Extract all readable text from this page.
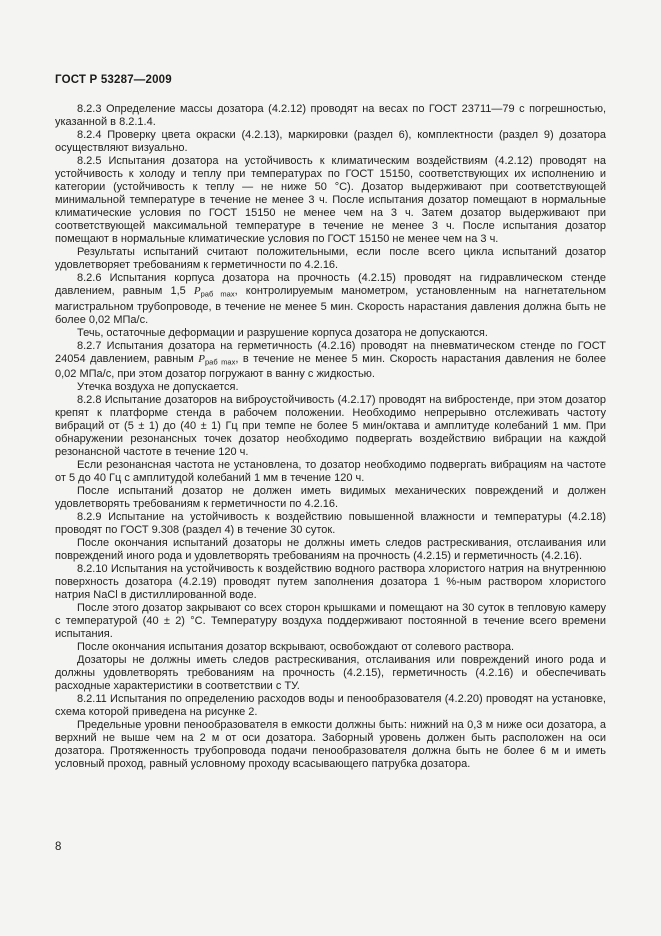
ГОСТ Р 53287—2009

8.2.3 Определение массы дозатора (4.2.12) проводят на весах по ГОСТ 23711—79 с погрешностью, указанной в 8.2.1.4.

8.2.4 Проверку цвета окраски (4.2.13), маркировки (раздел 6), комплектности (раздел 9) дозатора осуществляют визуально.

8.2.5 Испытания дозатора на устойчивость к климатическим воздействиям (4.2.12) проводят на устойчивость к холоду и теплу при температурах по ГОСТ 15150, соответствующих их исполнению и категории (устойчивость к теплу — не ниже 50 °С). Дозатор выдерживают при соответствующей минимальной температуре в течение не менее 3 ч. После испытания дозатор помещают в нормальные климатические условия по ГОСТ 15150 не менее чем на 3 ч. Затем дозатор выдерживают при соответствующей максимальной температуре в течение не менее 3 ч. После испытания дозатор помещают в нормальные климатические условия по ГОСТ 15150 не менее чем на 3 ч.

Результаты испытаний считают положительными, если после всего цикла испытаний дозатор удовлетворяет требованиям к герметичности по 4.2.16.

8.2.6 Испытания корпуса дозатора на прочность (4.2.15) проводят на гидравлическом стенде давлением, равным 1,5 $P_{раб max}$, контролируемым манометром, установленным на нагнетательном магистральном трубопроводе, в течение не менее 5 мин. Скорость нарастания давления должна быть не более 0,02 МПа/с.

Течь, остаточные деформации и разрушение корпуса дозатора не допускаются.

8.2.7 Испытания дозатора на герметичность (4.2.16) проводят на пневматическом стенде по ГОСТ 24054 давлением, равным $P_{раб max}$, в течение не менее 5 мин. Скорость нарастания давления не более 0,02 МПа/с, при этом дозатор погружают в ванну с жидкостью.

Утечка воздуха не допускается.

8.2.8 Испытание дозаторов на виброустойчивость (4.2.17) проводят на вибростенде, при этом дозатор крепят к платформе стенда в рабочем положении. Необходимо непрерывно отслеживать частоту вибраций от (5 ± 1) до (40 ± 1) Гц при темпе не более 5 мин/октава и амплитуде колебаний 1 мм. При обнаружении резонансных точек дозатор необходимо подвергать воздействию вибрации на каждой резонансной частоте в течение 120 ч.

Если резонансная частота не установлена, то дозатор необходимо подвергать вибрациям на частоте от 5 до 40 Гц с амплитудой колебаний 1 мм в течение 120 ч.

После испытаний дозатор не должен иметь видимых механических повреждений и должен удовлетворять требованиям к герметичности по 4.2.16.

8.2.9 Испытание на устойчивость к воздействию повышенной влажности и температуры (4.2.18) проводят по ГОСТ 9.308 (раздел 4) в течение 30 суток.

После окончания испытаний дозаторы не должны иметь следов растрескивания, отслаивания или повреждений иного рода и удовлетворять требованиям на прочность (4.2.15) и герметичность (4.2.16).

8.2.10 Испытания на устойчивость к воздействию водного раствора хлористого натрия на внутреннюю поверхность дозатора (4.2.19) проводят путем заполнения дозатора 1 %-ным раствором хлористого натрия NaCl в дистиллированной воде.

После этого дозатор закрывают со всех сторон крышками и помещают на 30 суток в тепловую камеру с температурой (40 ± 2) °С. Температуру воздуха поддерживают постоянной в течение всего времени испытания.

После окончания испытания дозатор вскрывают, освобождают от солевого раствора.

Дозаторы не должны иметь следов растрескивания, отслаивания или повреждений иного рода и должны удовлетворять требованиям на прочность (4.2.15), герметичность (4.2.16) и обеспечивать расходные характеристики в соответствии с ТУ.

8.2.11 Испытания по определению расходов воды и пенообразователя (4.2.20) проводят на установке, схема которой приведена на рисунке 2.

Предельные уровни пенообразователя в емкости должны быть: нижний на 0,3 м ниже оси дозатора, а верхний не выше чем на 2 м от оси дозатора. Заборный уровень должен быть расположен на оси дозатора. Протяженность трубопровода подачи пенообразователя должна быть не более 6 м и иметь условный проход, равный условному проходу всасывающего патрубка дозатора.

8
